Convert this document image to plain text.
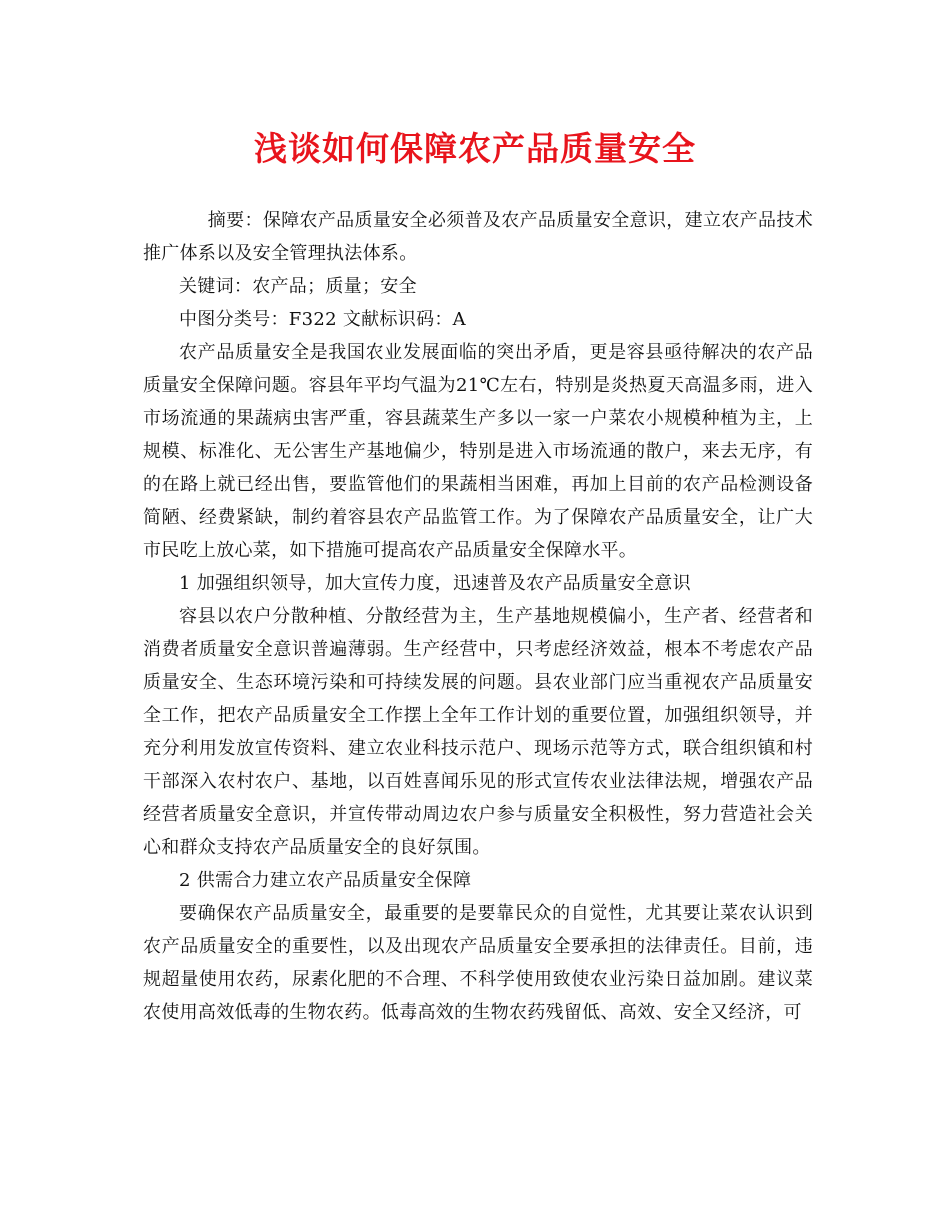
浅谈如何保障农产品质量安全

摘要：保障农产品质量安全必须普及农产品质量安全意识，建立农产品技术推广体系以及安全管理执法体系。

关键词：农产品；质量；安全

中图分类号：F322 文献标识码：A

农产品质量安全是我国农业发展面临的突出矛盾，更是容县亟待解决的农产品质量安全保障问题。容县年平均气温为21℃左右，特别是炎热夏天高温多雨，进入市场流通的果蔬病虫害严重，容县蔬菜生产多以一家一户菜农小规模种植为主，上规模、标准化、无公害生产基地偏少，特别是进入市场流通的散户，来去无序，有的在路上就已经出售，要监管他们的果蔬相当困难，再加上目前的农产品检测设备简陋、经费紧缺，制约着容县农产品监管工作。为了保障农产品质量安全，让广大市民吃上放心菜，如下措施可提高农产品质量安全保障水平。

1 加强组织领导，加大宣传力度，迅速普及农产品质量安全意识

容县以农户分散种植、分散经营为主，生产基地规模偏小，生产者、经营者和消费者质量安全意识普遍薄弱。生产经营中，只考虑经济效益，根本不考虑农产品质量安全、生态环境污染和可持续发展的问题。县农业部门应当重视农产品质量安全工作，把农产品质量安全工作摆上全年工作计划的重要位置，加强组织领导，并充分利用发放宣传资料、建立农业科技示范户、现场示范等方式，联合组织镇和村干部深入农村农户、基地，以百姓喜闻乐见的形式宣传农业法律法规，增强农产品经营者质量安全意识，并宣传带动周边农户参与质量安全积极性，努力营造社会关心和群众支持农产品质量安全的良好氛围。

2 供需合力建立农产品质量安全保障

要确保农产品质量安全，最重要的是要靠民众的自觉性，尤其要让菜农认识到农产品质量安全的重要性，以及出现农产品质量安全要承担的法律责任。目前，违规超量使用农药，尿素化肥的不合理、不科学使用致使农业污染日益加剧。建议菜农使用高效低毒的生物农药。低毒高效的生物农药残留低、高效、安全又经济，可
